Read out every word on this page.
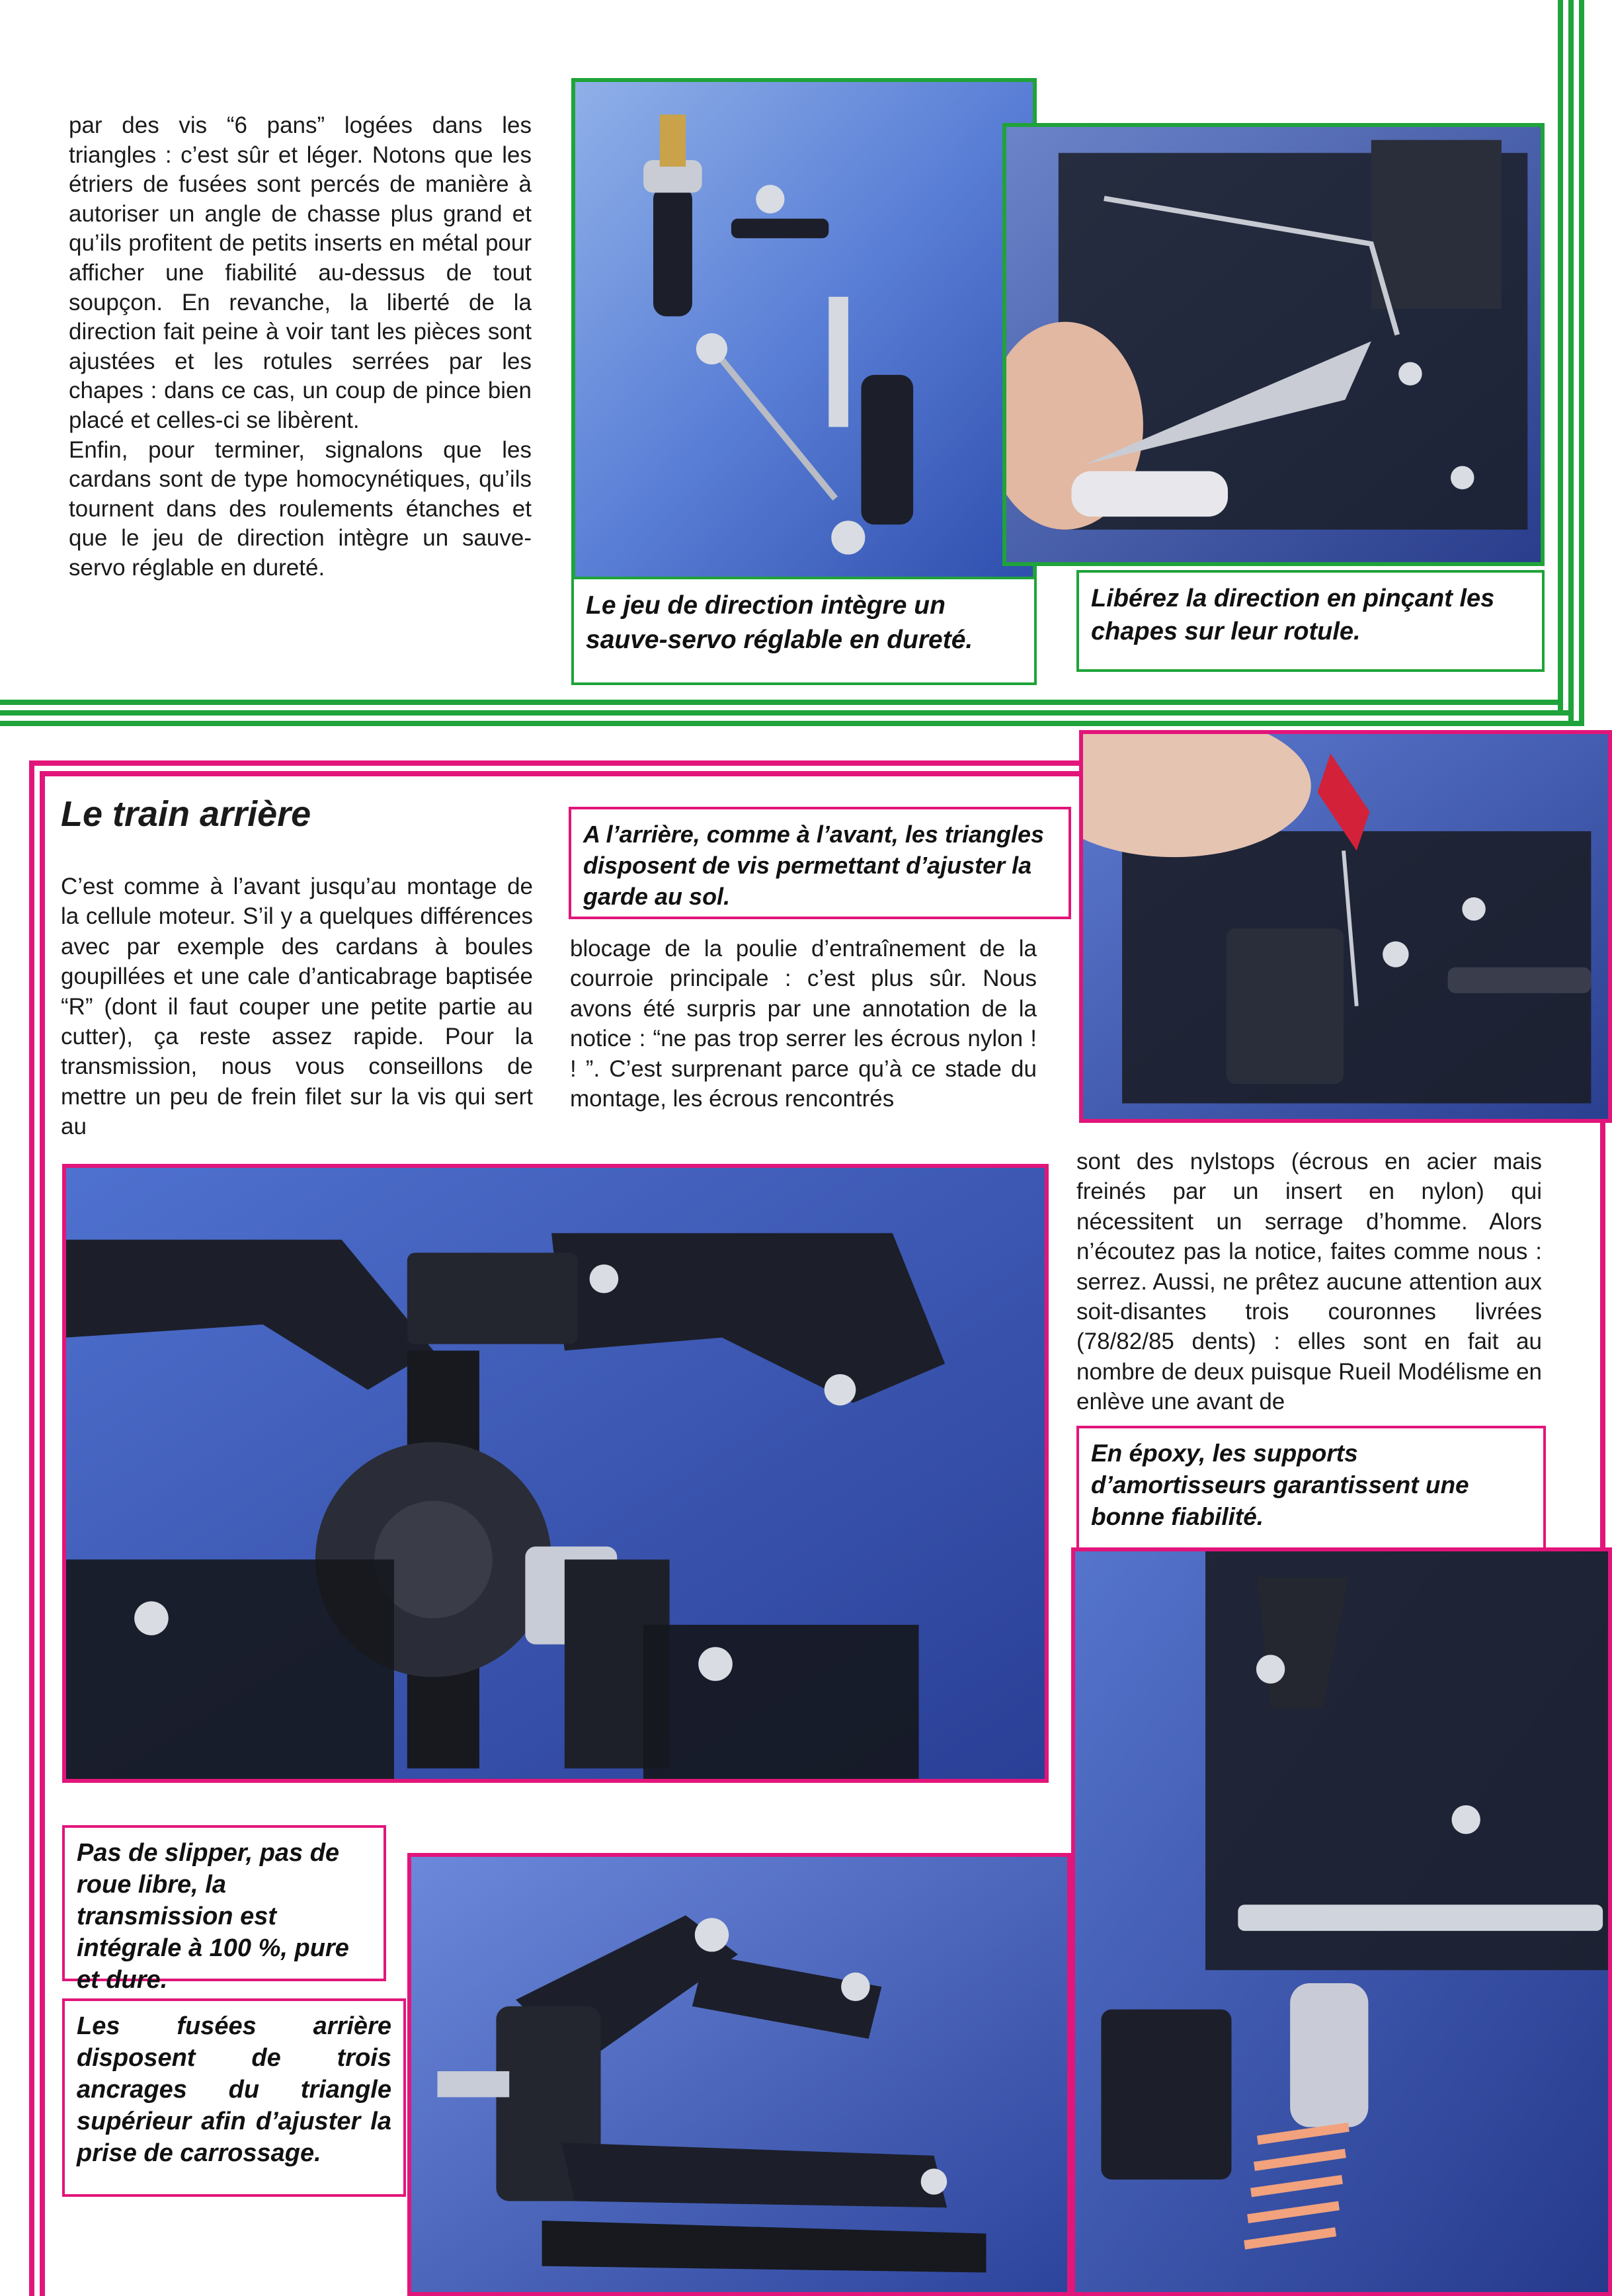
par des vis “6 pans” logées dans les triangles : c’est sûr et léger. Notons que les étriers de fusées sont percés de manière à autoriser un angle de chasse plus grand et qu’ils profitent de petits inserts en métal pour afficher une fiabilité au-dessus de tout soupçon. En revanche, la liberté de la direction fait peine à voir tant les pièces sont ajustées et les rotules serrées par les chapes : dans ce cas, un coup de pince bien placé et celles-ci se libèrent.

Enfin, pour terminer, signalons que les cardans sont de type homocynétiques, qu’ils tournent dans des roulements étanches et que le jeu de direction intègre un sauve-servo réglable en dureté.

Le jeu de direction intègre un sauve-servo réglable en dureté.
Libérez la direction en pinçant les chapes sur leur rotule.
Le train arrière

C’est comme à l’avant jusqu’au montage de la cellule moteur. S’il y a quelques différences avec par exemple des cardans à boules goupillées et une cale d’anticabrage baptisée “R” (dont il faut couper une petite partie au cutter), ça reste assez rapide. Pour la transmission, nous vous conseillons de mettre un peu de frein filet sur la vis qui sert au

A l’arrière, comme à l’avant, les triangles disposent de vis permettant d’ajuster la garde au sol.

blocage de la poulie d’entraînement de la courroie principale : c’est plus sûr. Nous avons été surpris par une annotation de la notice : “ne pas trop serrer les écrous nylon ! ! ”. C’est surprenant parce qu’à ce stade du montage, les écrous rencontrés

sont des nylstops (écrous en acier mais freinés par un insert en nylon) qui nécessitent un serrage d’homme. Alors n’écoutez pas la notice, faites comme nous : serrez. Aussi, ne prêtez aucune attention aux soit-disantes trois couronnes livrées (78/82/85 dents) : elles sont en fait au nombre de deux puisque Rueil Modélisme en enlève une avant de

En époxy, les supports d’amortisseurs garantissent une bonne fiabilité.
Pas de slipper, pas de roue libre, la transmission est intégrale à 100 %, pure et dure.
Les fusées arrière disposent de trois ancrages du triangle supérieur afin d’ajuster la prise de carrossage.
